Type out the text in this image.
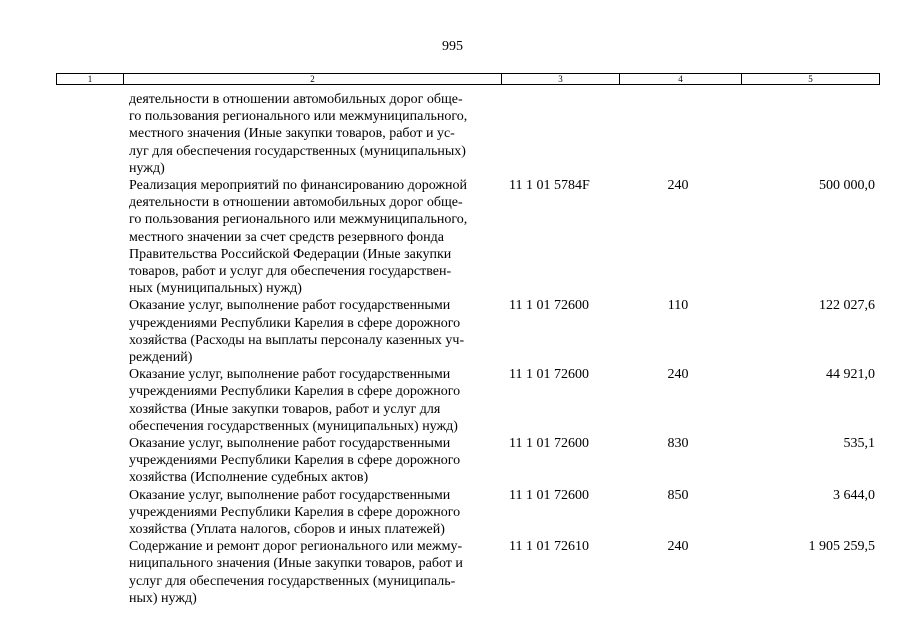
995
1	2	3	4	5
деятельности в отношении автомобильных дорог обще-
го пользования регионального или межмуниципального,
местного значения (Иные закупки товаров, работ и ус-
луг для обеспечения государственных (муниципальных)
нужд)
Реализация мероприятий по финансированию дорожной
деятельности в отношении автомобильных дорог обще-
го пользования регионального или межмуниципального,
местного значении за счет средств резервного фонда
Правительства Российской Федерации (Иные закупки
товаров, работ и услуг для обеспечения государствен-
ных (муниципальных) нужд)
11 1 01 5784F	240	500 000,0
Оказание услуг, выполнение работ государственными
учреждениями Республики Карелия в сфере дорожного
хозяйства (Расходы на выплаты персоналу казенных уч-
реждений)
11 1 01 72600	110	122 027,6
Оказание услуг, выполнение работ государственными
учреждениями Республики Карелия в сфере дорожного
хозяйства (Иные закупки товаров, работ и услуг для
обеспечения государственных (муниципальных) нужд)
11 1 01 72600	240	44 921,0
Оказание услуг, выполнение работ государственными
учреждениями Республики Карелия в сфере дорожного
хозяйства (Исполнение судебных актов)
11 1 01 72600	830	535,1
Оказание услуг, выполнение работ государственными
учреждениями Республики Карелия в сфере дорожного
хозяйства (Уплата налогов, сборов и иных платежей)
11 1 01 72600	850	3 644,0
Содержание и ремонт дорог регионального или межму-
ниципального значения (Иные закупки товаров, работ и
услуг для обеспечения государственных (муниципаль-
ных) нужд)
11 1 01 72610	240	1 905 259,5
